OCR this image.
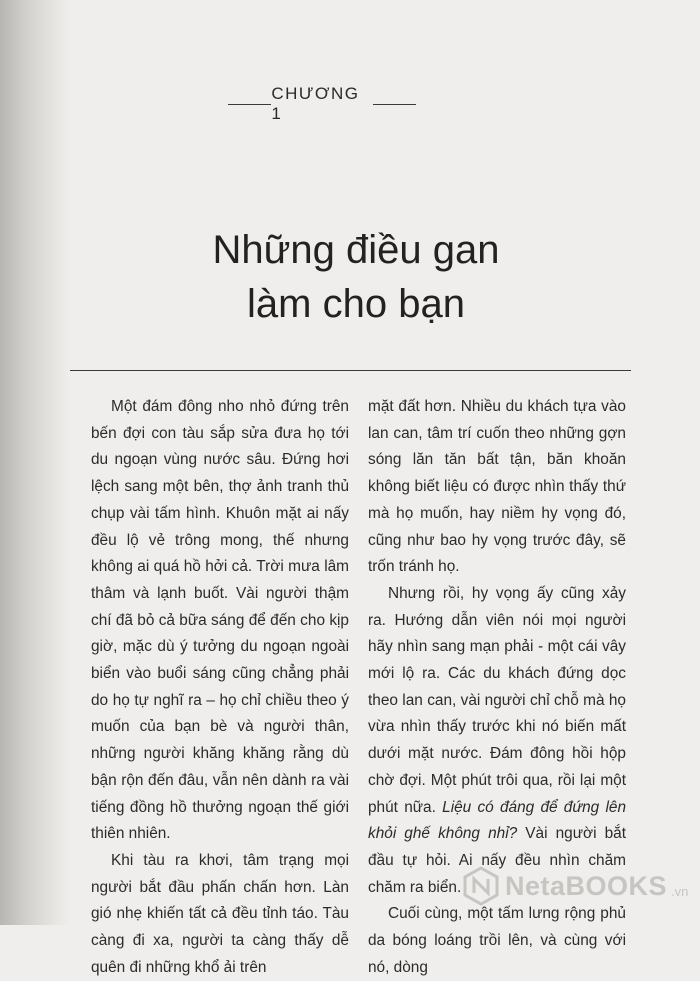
CHƯƠNG 1
Những điều gan
làm cho bạn

Một đám đông nho nhỏ đứng trên bến đợi con tàu sắp sửa đưa họ tới du ngoạn vùng nước sâu. Đứng hơi lệch sang một bên, thợ ảnh tranh thủ chụp vài tấm hình. Khuôn mặt ai nấy đều lộ vẻ trông mong, thế nhưng không ai quá hồ hởi cả. Trời mưa lâm thâm và lạnh buốt. Vài người thậm chí đã bỏ cả bữa sáng để đến cho kịp giờ, mặc dù ý tưởng du ngoạn ngoài biển vào buổi sáng cũng chẳng phải do họ tự nghĩ ra – họ chỉ chiều theo ý muốn của bạn bè và người thân, những người khăng khăng rằng dù bận rộn đến đâu, vẫn nên dành ra vài tiếng đồng hồ thưởng ngoạn thế giới thiên nhiên.

Khi tàu ra khơi, tâm trạng mọi người bắt đầu phấn chấn hơn. Làn gió nhẹ khiến tất cả đều tỉnh táo. Tàu càng đi xa, người ta càng thấy dễ quên đi những khổ ải trên

mặt đất hơn. Nhiều du khách tựa vào lan can, tâm trí cuốn theo những gợn sóng lăn tăn bất tận, băn khoăn không biết liệu có được nhìn thấy thứ mà họ muốn, hay niềm hy vọng đó, cũng như bao hy vọng trước đây, sẽ trốn tránh họ.

Nhưng rồi, hy vọng ấy cũng xảy ra. Hướng dẫn viên nói mọi người hãy nhìn sang mạn phải - một cái vây mới lộ ra. Các du khách đứng dọc theo lan can, vài người chỉ chỗ mà họ vừa nhìn thấy trước khi nó biến mất dưới mặt nước. Đám đông hồi hộp chờ đợi. Một phút trôi qua, rồi lại một phút nữa. Liệu có đáng để đứng lên khỏi ghế không nhỉ? Vài người bắt đầu tự hỏi. Ai nấy đều nhìn chăm chăm ra biển.

Cuối cùng, một tấm lưng rộng phủ da bóng loáng trồi lên, và cùng với nó, dòng

NetaBOOKS .vn
